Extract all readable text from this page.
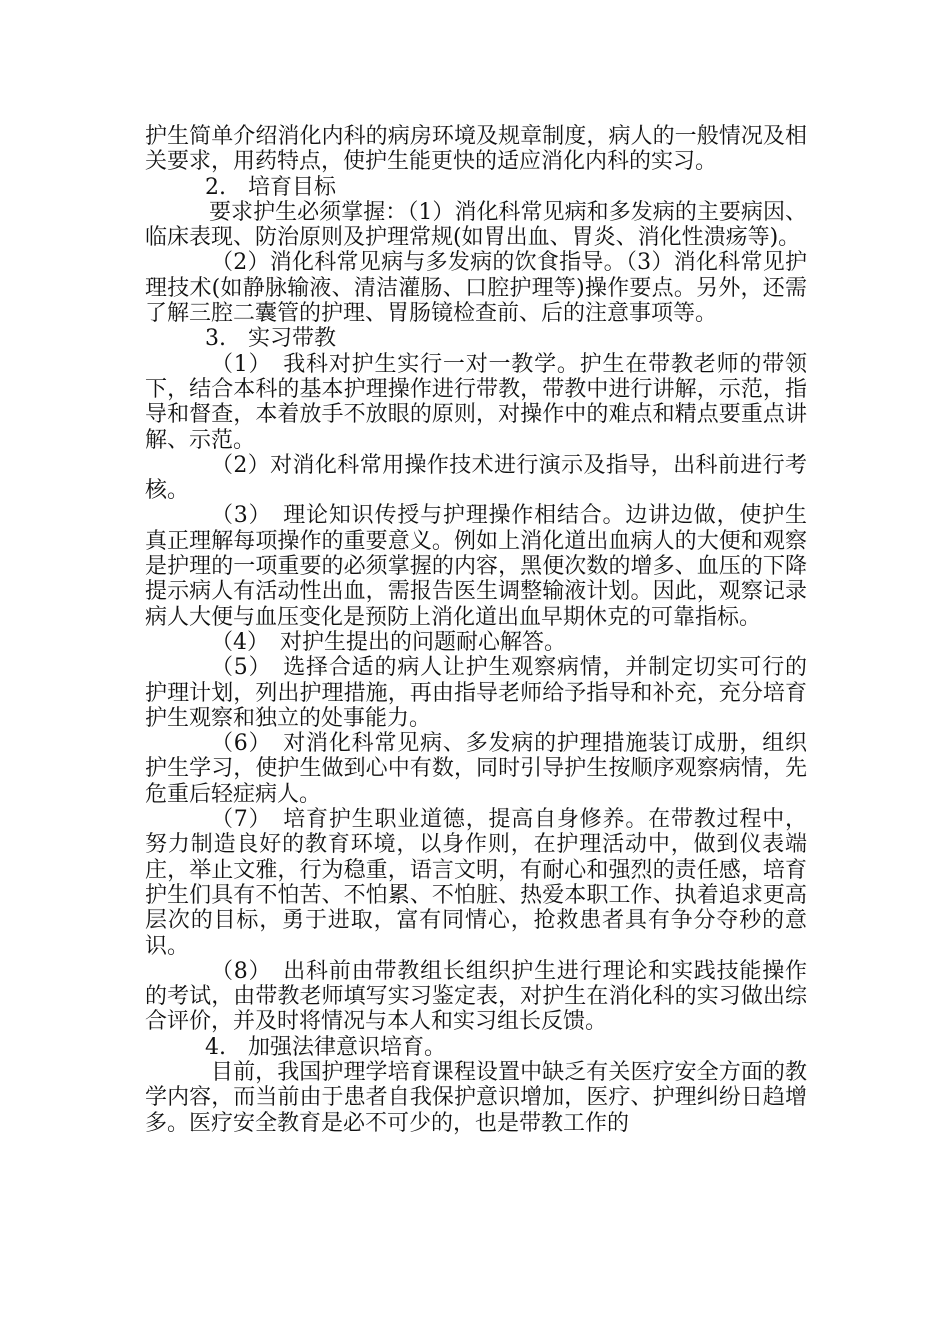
护生简单介绍消化内科的病房环境及规章制度，病人的一般情况及相关要求，用药特点，使护生能更快的适应消化内科的实习。

2.　培育目标

要求护生必须掌握：（1）消化科常见病和多发病的主要病因、临床表现、防治原则及护理常规(如胃出血、胃炎、消化性溃疡等)。

（2）消化科常见病与多发病的饮食指导。（3）消化科常见护理技术(如静脉输液、清洁灌肠、口腔护理等)操作要点。另外，还需了解三腔二囊管的护理、胃肠镜检查前、后的注意事项等。

3.　实习带教

（1）　我科对护生实行一对一教学。护生在带教老师的带领下，结合本科的基本护理操作进行带教，带教中进行讲解，示范，指导和督查，本着放手不放眼的原则，对操作中的难点和精点要重点讲解、示范。

（2）对消化科常用操作技术进行演示及指导，出科前进行考核。

（3）　理论知识传授与护理操作相结合。边讲边做，使护生真正理解每项操作的重要意义。例如上消化道出血病人的大便和观察是护理的一项重要的必须掌握的内容，黑便次数的增多、血压的下降提示病人有活动性出血，需报告医生调整输液计划。因此，观察记录病人大便与血压变化是预防上消化道出血早期休克的可靠指标。

（4）　对护生提出的问题耐心解答。

（5）　选择合适的病人让护生观察病情，并制定切实可行的护理计划，列出护理措施，再由指导老师给予指导和补充，充分培育护生观察和独立的处事能力。

（6）　对消化科常见病、多发病的护理措施装订成册，组织护生学习，使护生做到心中有数，同时引导护生按顺序观察病情，先危重后轻症病人。

（7）　培育护生职业道德，提高自身修养。在带教过程中，努力制造良好的教育环境，以身作则，在护理活动中，做到仪表端庄，举止文雅，行为稳重，语言文明，有耐心和强烈的责任感，培育护生们具有不怕苦、不怕累、不怕脏、热爱本职工作、执着追求更高层次的目标，勇于进取，富有同情心，抢救患者具有争分夺秒的意识。

（8）　出科前由带教组长组织护生进行理论和实践技能操作的考试，由带教老师填写实习鉴定表，对护生在消化科的实习做出综合评价，并及时将情况与本人和实习组长反馈。

4.　加强法律意识培育。

目前，我国护理学培育课程设置中缺乏有关医疗安全方面的教学内容，而当前由于患者自我保护意识增加，医疗、护理纠纷日趋增多。医疗安全教育是必不可少的，也是带教工作的
